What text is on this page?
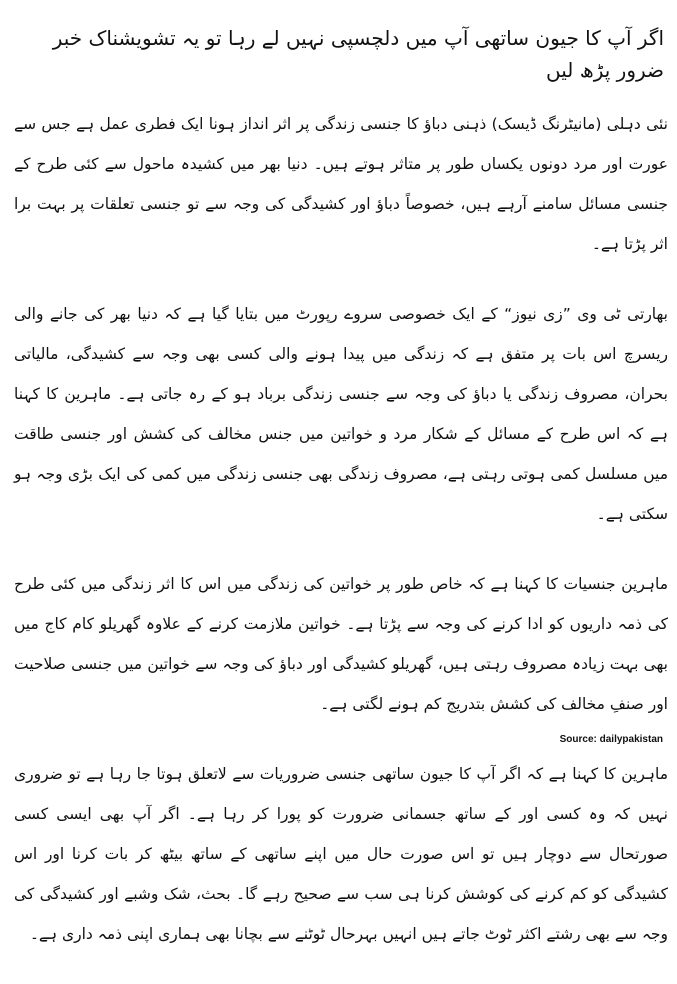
اگر آپ کا جیون ساتھی آپ میں دلچسپی نہیں لے رہا تو یہ تشویشناک خبر ضرور پڑھ لیں

نئی دہلی (مانیٹرنگ ڈیسک) ذہنی دباؤ کا جنسی زندگی پر اثر انداز ہونا ایک فطری عمل ہے جس سے عورت اور مرد دونوں یکساں طور پر متاثر ہوتے ہیں۔ دنیا بھر میں کشیدہ ماحول سے کئی طرح کے جنسی مسائل سامنے آرہے ہیں، خصوصاً دباؤ اور کشیدگی کی وجہ سے تو جنسی تعلقات پر بہت برا اثر پڑتا ہے۔

بھارتی ٹی وی ”زی نیوز“ کے ایک خصوصی سروے رپورٹ میں بتایا گیا ہے کہ دنیا بھر کی جانے والی ریسرچ اس بات پر متفق ہے کہ زندگی میں پیدا ہونے والی کسی بھی وجہ سے کشیدگی، مالیاتی بحران، مصروف زندگی یا دباؤ کی وجہ سے جنسی زندگی برباد ہو کے رہ جاتی ہے۔ ماہرین کا کہنا ہے کہ اس طرح کے مسائل کے شکار مرد و خواتین میں جنس مخالف کی کشش اور جنسی طاقت میں مسلسل کمی ہوتی رہتی ہے، مصروف زندگی بھی جنسی زندگی میں کمی کی ایک بڑی وجہ ہو سکتی ہے۔

ماہرین جنسیات کا کہنا ہے کہ خاص طور پر خواتین کی زندگی میں اس کا اثر زندگی میں کئی طرح کی ذمہ داریوں کو ادا کرنے کی وجہ سے پڑتا ہے۔ خواتین ملازمت کرنے کے علاوہ گھریلو کام کاج میں بھی بہت زیادہ مصروف رہتی ہیں، گھریلو کشیدگی اور دباؤ کی وجہ سے خواتین میں جنسی صلاحیت اور صنفِ مخالف کی کشش بتدریج کم ہونے لگتی ہے۔

ماہرین کا کہنا ہے کہ اگر آپ کا جیون ساتھی جنسی ضروریات سے لاتعلق ہوتا جا رہا ہے تو ضروری نہیں کہ وہ کسی اور کے ساتھ جسمانی ضرورت کو پورا کر رہا ہے۔ اگر آپ بھی ایسی کسی صورتحال سے دوچار ہیں تو اس صورت حال میں اپنے ساتھی کے ساتھ بیٹھ کر بات کرنا اور اس کشیدگی کو کم کرنے کی کوشش کرنا ہی سب سے صحیح رہے گا۔ بحث، شک وشبے اور کشیدگی کی وجہ سے بھی رشتے اکثر ٹوٹ جاتے ہیں انہیں بہرحال ٹوٹنے سے بچانا بھی ہماری اپنی ذمہ داری ہے۔

Source: dailypakistan
